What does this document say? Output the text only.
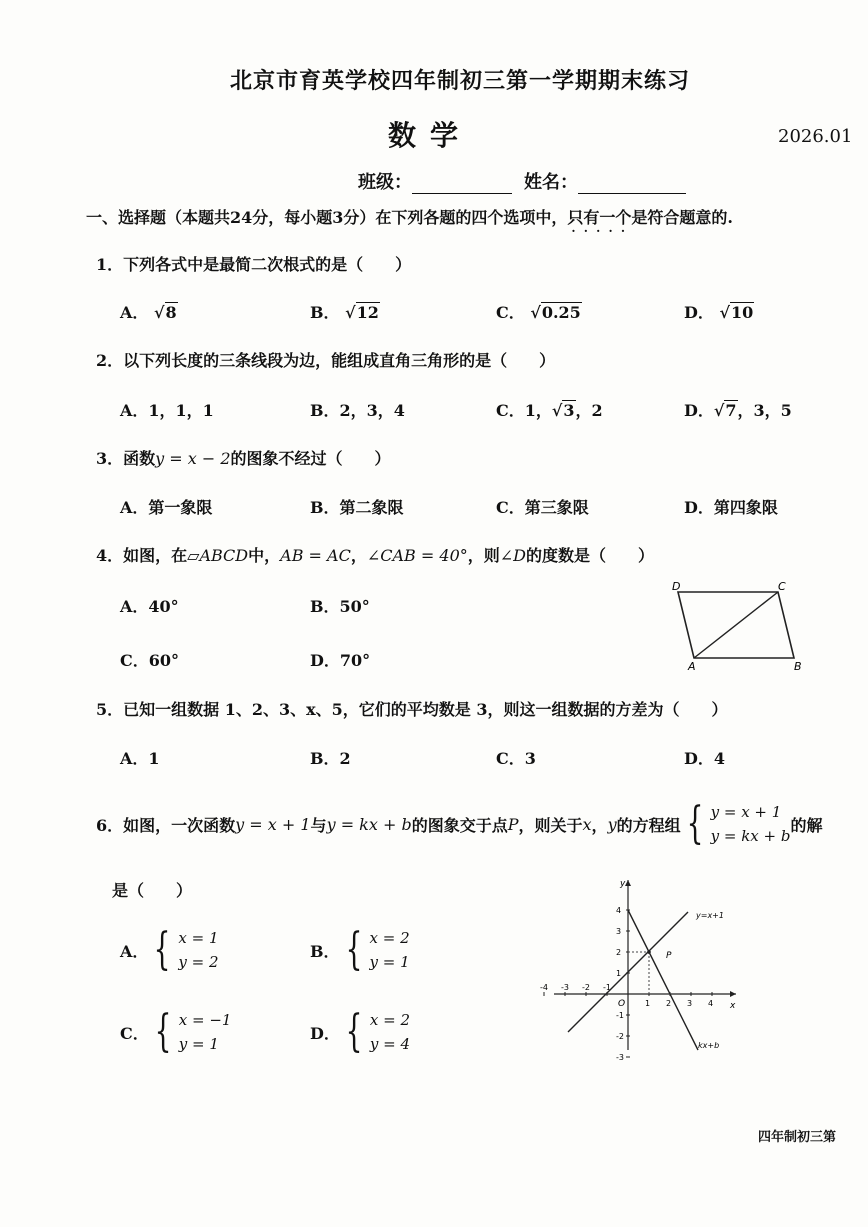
北京市育英学校四年制初三第一学期期末练习
数学	2026.01
班级：	姓名：
一、选择题（本题共24分，每小题3分）在下列各题的四个选项中，只有一个 · · ·是符合题意的.
1．下列各式中是最简二次根式的是（　　）
A． √8	B． √12	C． √0.25	D． √10
2．以下列长度的三条线段为边，能组成直角三角形的是（　　）
A．1，1，1	B．2，3，4	C．1，√3，2	D．√7，3，5
3．函数y = x − 2的图象不经过（　　）
A．第一象限	B．第二象限	C．第三象限	D．第四象限
4．如图，在▱ABCD中，AB = AC，∠CAB = 40°，则∠D的度数是（　　）
A．40°	B．50°
C．60°	D．70°
D	C
A	B
5．已知一组数据 1、2、3、x、5，它们的平均数是 3，则这一组数据的方差为（　　）
A．1	B．2	C．3	D．4
6．如图，一次函数 y = x + 1 与 y = kx + b 的图象交于点 P ，则关于 x ， y 的方程组 { y = x + 1
y = kx + b
的解
是（　　）
A． { x = 1
y = 2
B． { x = 2
y = 1
C． { x = −1
y = 1
D． { x = 2
y = 4
-4 -3 -2 -1
1 2 3 4
4
3
2
1
-1
-2
-3
x
y
O
P
y=x+1
kx+b
四年制初三第
